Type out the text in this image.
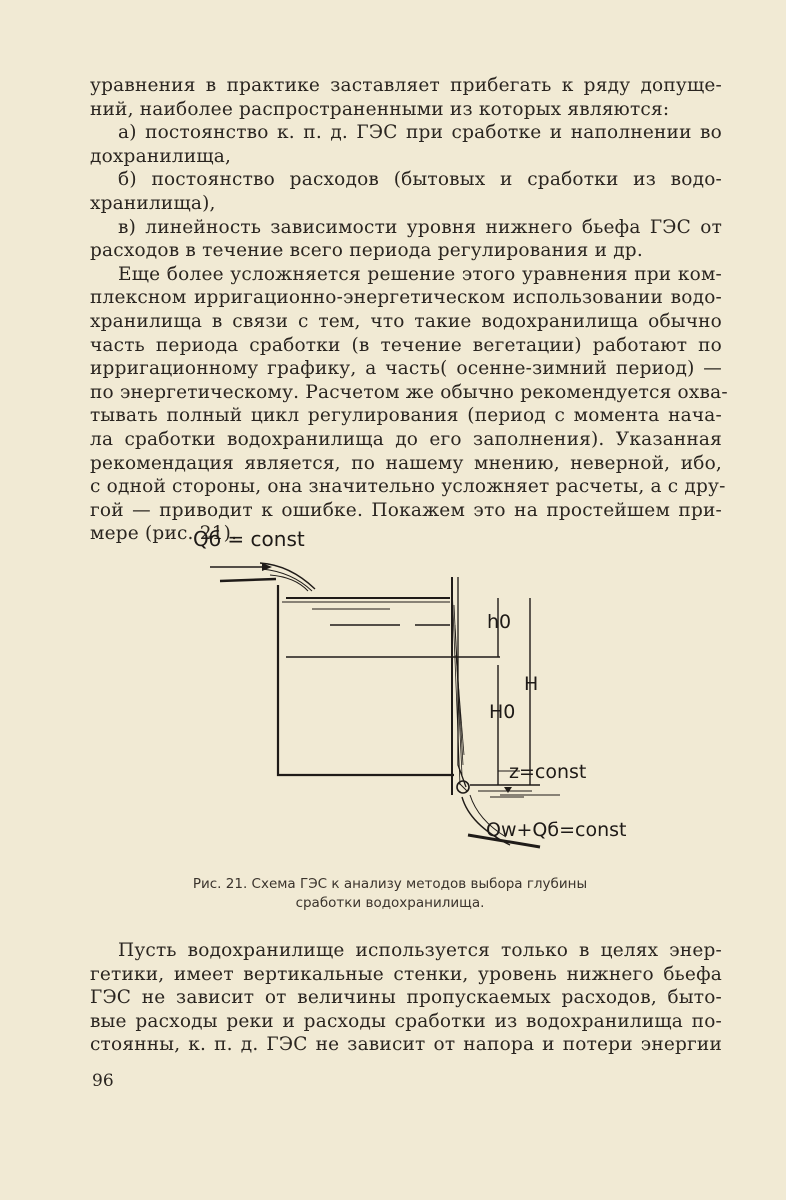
уравнения в практике заставляет прибегать к ряду допуще-
ний, наиболее распространенными из которых являются:
а) постоянство к. п. д. ГЭС при сработке и наполнении во
дохранилища,
б) постоянство расходов (бытовых и сработки из водо-
хранилища),
в) линейность зависимости уровня нижнего бьефа ГЭС от
расходов в течение всего периода регулирования и др.
Еще более усложняется решение этого уравнения при ком-
плексном ирригационно-энергетическом использовании водо-
хранилища в связи с тем, что такие водохранилища обычно
часть периода сработки (в течение вегетации) работают по
ирригационному графику, а часть( осенне-зимний период) —
по энергетическому. Расчетом же обычно рекомендуется охва-
тывать полный цикл регулирования (период с момента нача-
ла сработки водохранилища до его заполнения). Указанная
рекомендация является, по нашему мнению, неверной, ибо,
с одной стороны, она значительно усложняет расчеты, а с дру-
гой — приводит к ошибке. Покажем это на простейшем при-
мере (рис. 21).
Qб = const
h0
H
H0
z=const
Qw+Qб=const
Рис. 21. Схема ГЭС к анализу методов выбора глубины
сработки водохранилища.
Пусть водохранилище используется только в целях энер-
гетики, имеет вертикальные стенки, уровень нижнего бьефа
ГЭС не зависит от величины пропускаемых расходов, быто-
вые расходы реки и расходы сработки из водохранилища по-
стоянны, к. п. д. ГЭС не зависит от напора и потери энергии
96
